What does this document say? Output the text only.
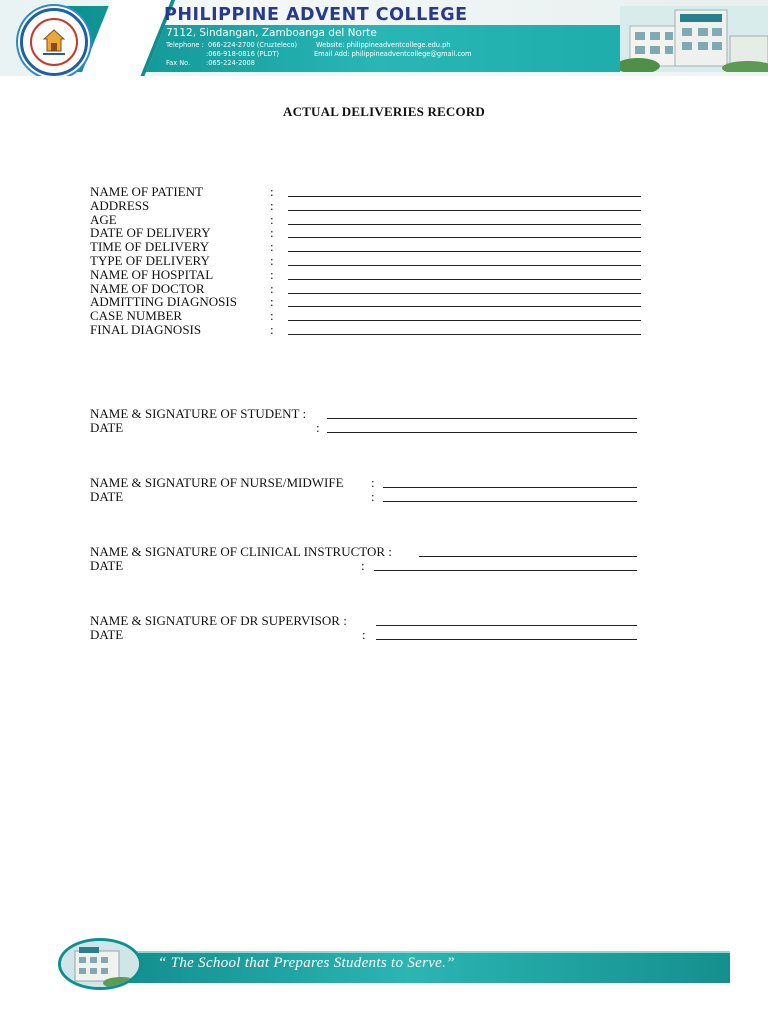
PHILIPPINE ADVENT COLLEGE
7112, Sindangan, Zamboanga del Norte
Telephone : 066-224-2700 (Cruzteleco)
:066-918-0816 (PLDT)
Fax No. :065-224-2008
Website: philippineadventcollege.edu.ph
Email Add: philippineadventcollege@gmail.com
ACTUAL DELIVERIES RECORD
NAME OF PATIENT	:
ADDRESS	:
AGE	:
DATE OF DELIVERY	:
TIME OF DELIVERY	:
TYPE OF DELIVERY	:
NAME OF HOSPITAL	:
NAME OF DOCTOR	:
ADMITTING DIAGNOSIS	:
CASE NUMBER	:
FINAL DIAGNOSIS	:
NAME & SIGNATURE OF STUDENT :
DATE	:
NAME & SIGNATURE OF NURSE/MIDWIFE :
DATE	:
NAME & SIGNATURE OF CLINICAL INSTRUCTOR :
DATE	:
NAME & SIGNATURE OF DR SUPERVISOR :
DATE	:
“ The School that Prepares Students to Serve.”
